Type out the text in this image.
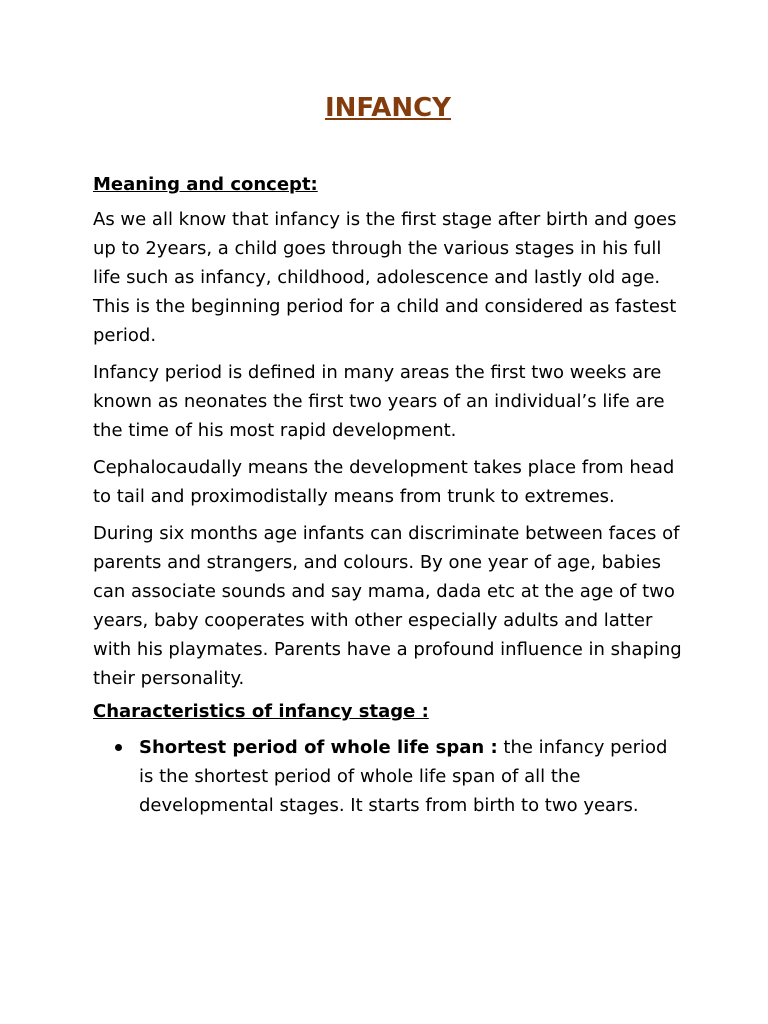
INFANCY
Meaning and concept:

As we all know that infancy is the first stage after birth and goes up to 2years, a child goes through the various stages in his full life such as infancy, childhood, adolescence and lastly old age. This is the beginning period for a child and considered as fastest period.

Infancy period is defined in many areas the first two weeks are known as neonates the first two years of an individual’s life are the time of his most rapid development.

Cephalocaudally means the development takes place from head to tail and proximodistally means from trunk to extremes.

During six months age infants can discriminate between faces of parents and strangers, and colours. By one year of age, babies can associate sounds and say mama, dada etc at the age of two years, baby cooperates with other especially adults and latter with his playmates. Parents have a profound influence in shaping their personality.

Characteristics of infancy stage :
Shortest period of whole life span : the infancy period is the shortest period of whole life span of all the developmental stages. It starts from birth to two years.
